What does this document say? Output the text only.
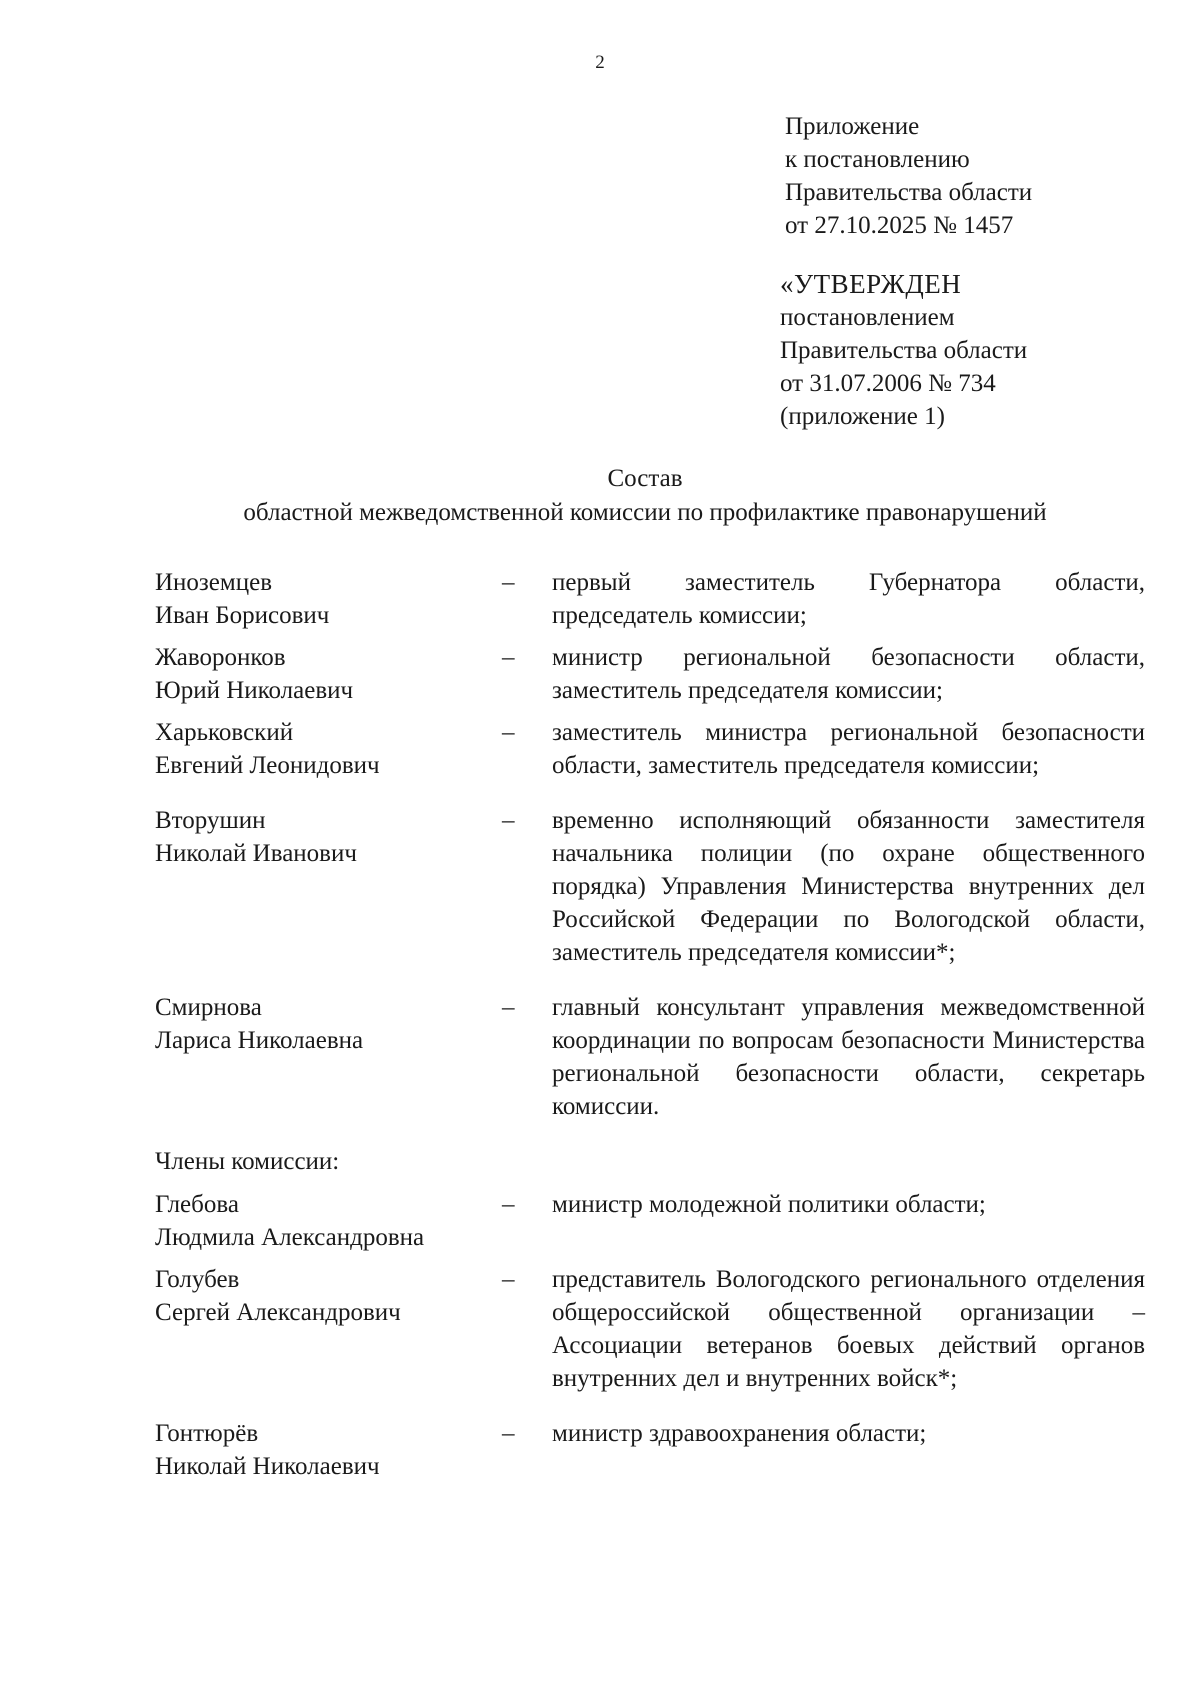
2
Приложение
к постановлению
Правительства области
от 27.10.2025 № 1457
«УТВЕРЖДЕН
постановлением
Правительства области
от 31.07.2006 № 734
(приложение 1)
Состав
областной межведомственной комиссии по профилактике правонарушений
Иноземцев
Иван Борисович
–	первый заместитель Губернатора области, председатель комиссии;
Жаворонков
Юрий Николаевич
–	министр региональной безопасности области, заместитель председателя комиссии;
Харьковский
Евгений Леонидович
–	заместитель министра региональной безопасности области, заместитель председателя комиссии;
Вторушин
Николай Иванович
–	временно исполняющий обязанности заместителя начальника полиции (по охране общественного порядка) Управления Министерства внутренних дел Российской Федерации по Вологодской области, заместитель председателя комиссии*;
Смирнова
Лариса Николаевна
–	главный консультант управления межведомственной координации по вопросам безопасности Министерства региональной безопасности области, секретарь комиссии.
Члены комиссии:
Глебова
Людмила Александровна
–	министр молодежной политики области;
Голубев
Сергей Александрович
–	представитель Вологодского регионального отделения общероссийской общественной организации – Ассоциации ветеранов боевых действий органов внутренних дел и внутренних войск*;
Гонтюрёв
Николай Николаевич
–	министр здравоохранения области;
